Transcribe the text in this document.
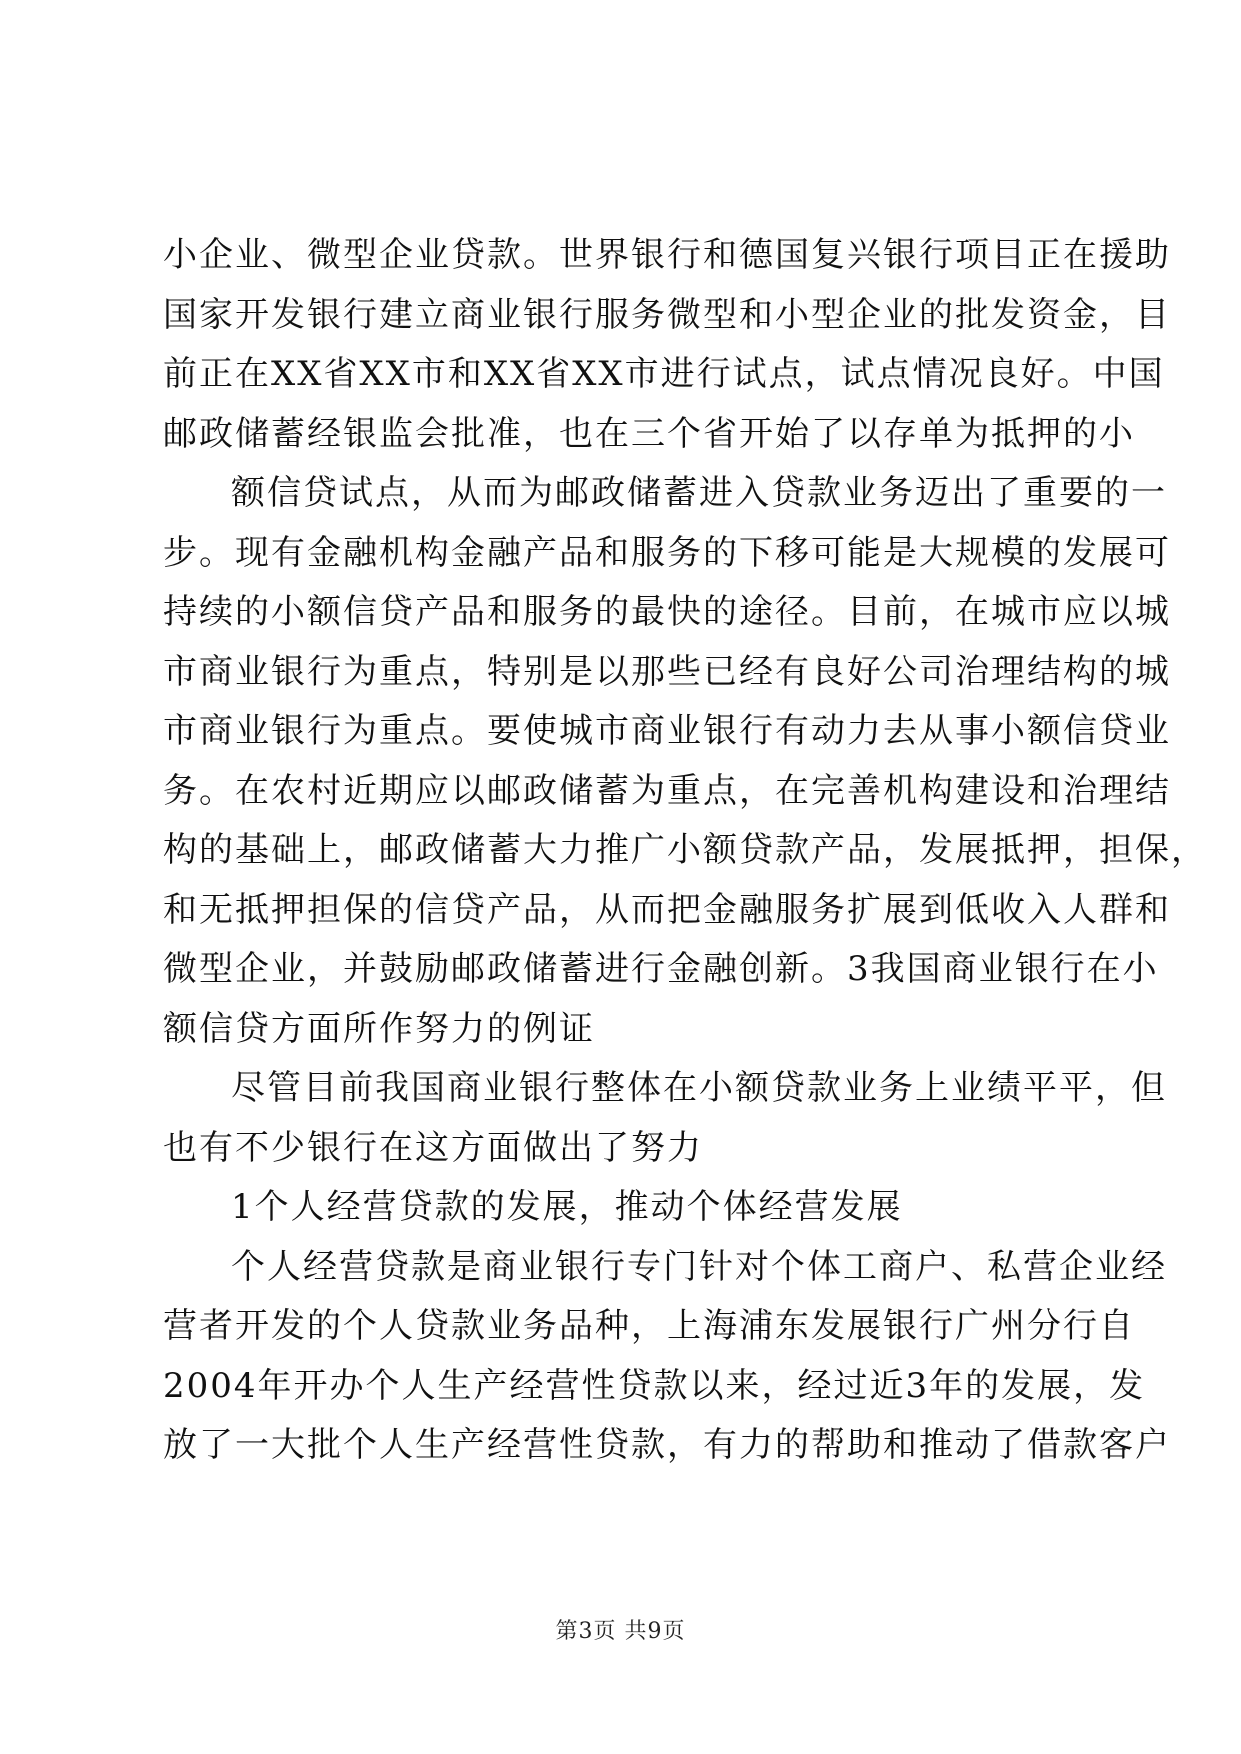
小企业、微型企业贷款。世界银行和德国复兴银行项目正在援助
国家开发银行建立商业银行服务微型和小型企业的批发资金，目
前正在XX省XX市和XX省XX市进行试点，试点情况良好。中国
邮政储蓄经银监会批准，也在三个省开始了以存单为抵押的小
额信贷试点，从而为邮政储蓄进入贷款业务迈出了重要的一
步。现有金融机构金融产品和服务的下移可能是大规模的发展可
持续的小额信贷产品和服务的最快的途径。目前，在城市应以城
市商业银行为重点，特别是以那些已经有良好公司治理结构的城
市商业银行为重点。要使城市商业银行有动力去从事小额信贷业
务。在农村近期应以邮政储蓄为重点，在完善机构建设和治理结
构的基础上，邮政储蓄大力推广小额贷款产品，发展抵押，担保，
和无抵押担保的信贷产品，从而把金融服务扩展到低收入人群和
微型企业，并鼓励邮政储蓄进行金融创新。3我国商业银行在小
额信贷方面所作努力的例证
尽管目前我国商业银行整体在小额贷款业务上业绩平平，但
也有不少银行在这方面做出了努力
1个人经营贷款的发展，推动个体经营发展
个人经营贷款是商业银行专门针对个体工商户、私营企业经
营者开发的个人贷款业务品种，上海浦东发展银行广州分行自
2004年开办个人生产经营性贷款以来，经过近3年的发展，发
放了一大批个人生产经营性贷款，有力的帮助和推动了借款客户
第3页 共9页
